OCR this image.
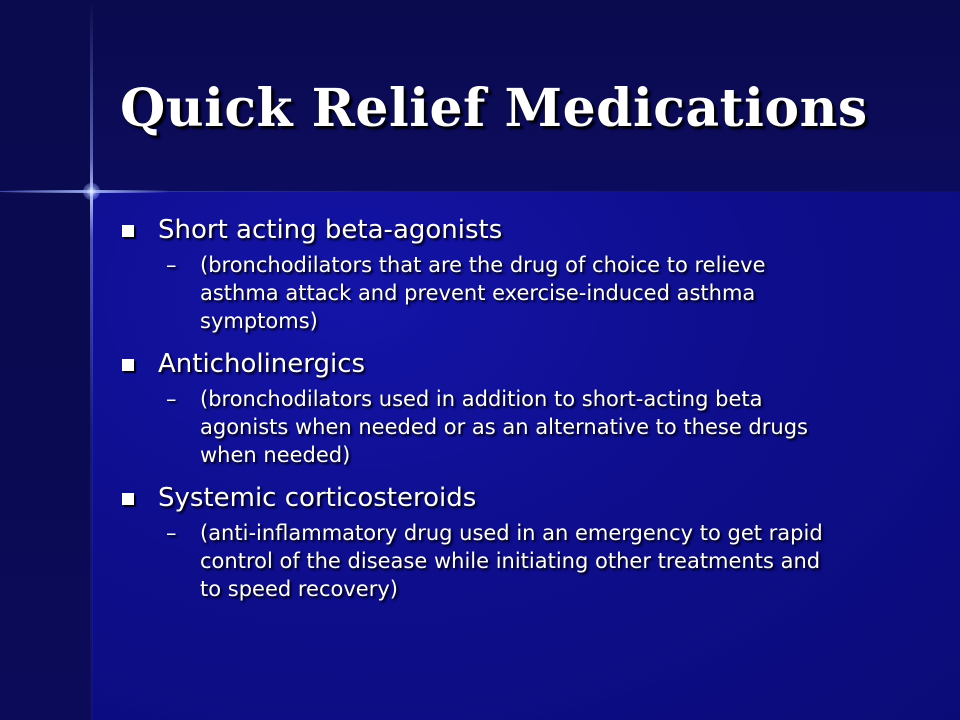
Quick Relief Medications
Short acting beta-agonists
– (bronchodilators that are the drug of choice to relieve
asthma attack and prevent exercise-induced asthma
symptoms)
Anticholinergics
– (bronchodilators used in addition to short-acting beta
agonists when needed or as an alternative to these drugs
when needed)
Systemic corticosteroids
– (anti-inflammatory drug used in an emergency to get rapid
control of the disease while initiating other treatments and
to speed recovery)
